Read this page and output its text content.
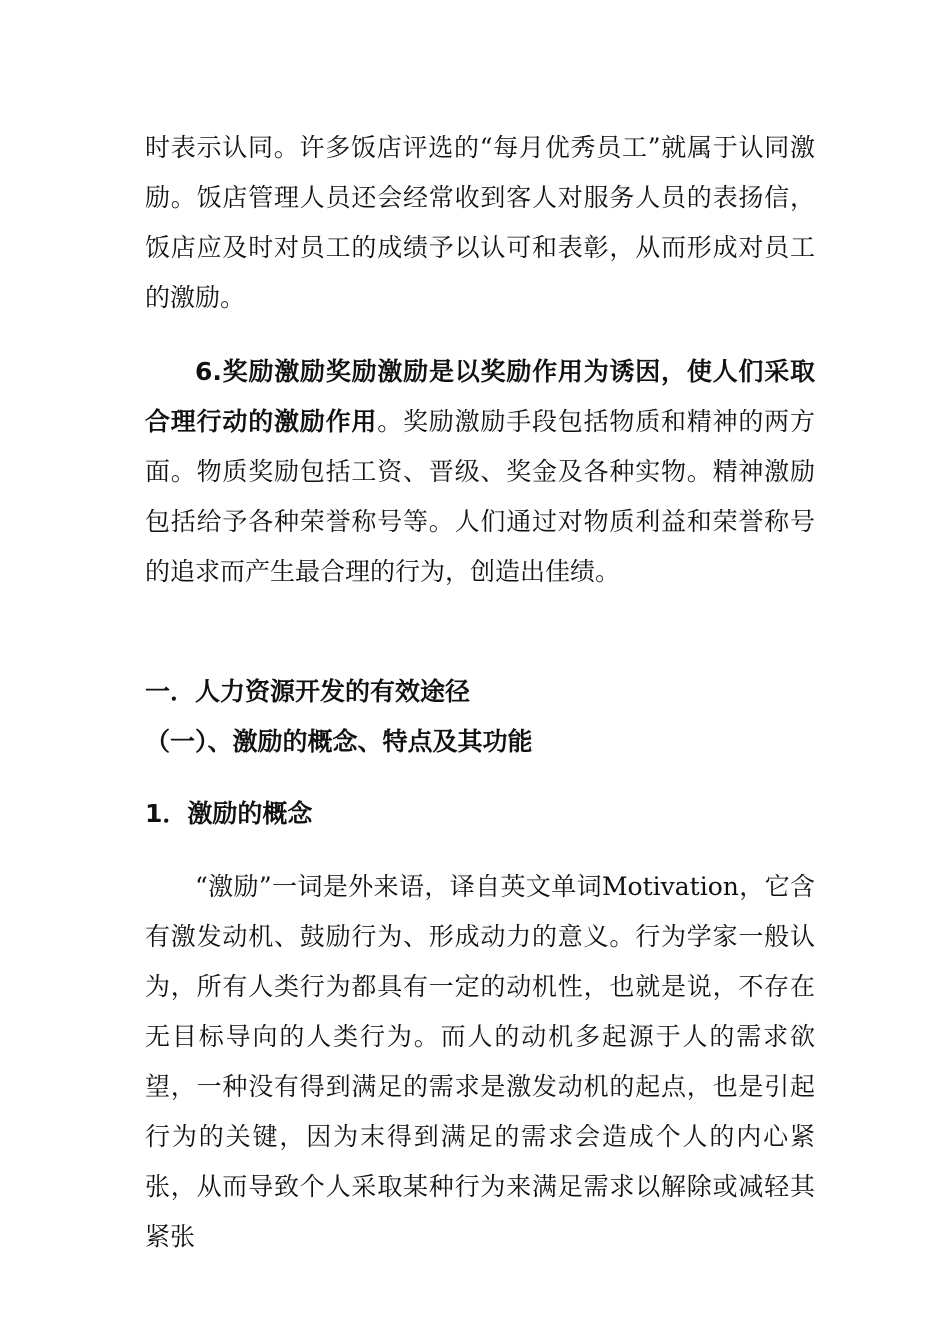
时表示认同。许多饭店评选的“每月优秀员工”就属于认同激励。饭店管理人员还会经常收到客人对服务人员的表扬信，饭店应及时对员工的成绩予以认可和表彰，从而形成对员工的激励。

6.奖励激励奖励激励是以奖励作用为诱因，使人们采取合理行动的激励作用。奖励激励手段包括物质和精神的两方面。物质奖励包括工资、晋级、奖金及各种实物。精神激励包括给予各种荣誉称号等。人们通过对物质利益和荣誉称号的追求而产生最合理的行为，创造出佳绩。

一．人力资源开发的有效途径
（一）、激励的概念、特点及其功能
1．激励的概念

“激励”一词是外来语，译自英文单词Motivation，它含有激发动机、鼓励行为、形成动力的意义。行为学家一般认为，所有人类行为都具有一定的动机性，也就是说，不存在无目标导向的人类行为。而人的动机多起源于人的需求欲望，一种没有得到满足的需求是激发动机的起点，也是引起行为的关键，因为末得到满足的需求会造成个人的内心紧张，从而导致个人采取某种行为来满足需求以解除或减轻其紧张
